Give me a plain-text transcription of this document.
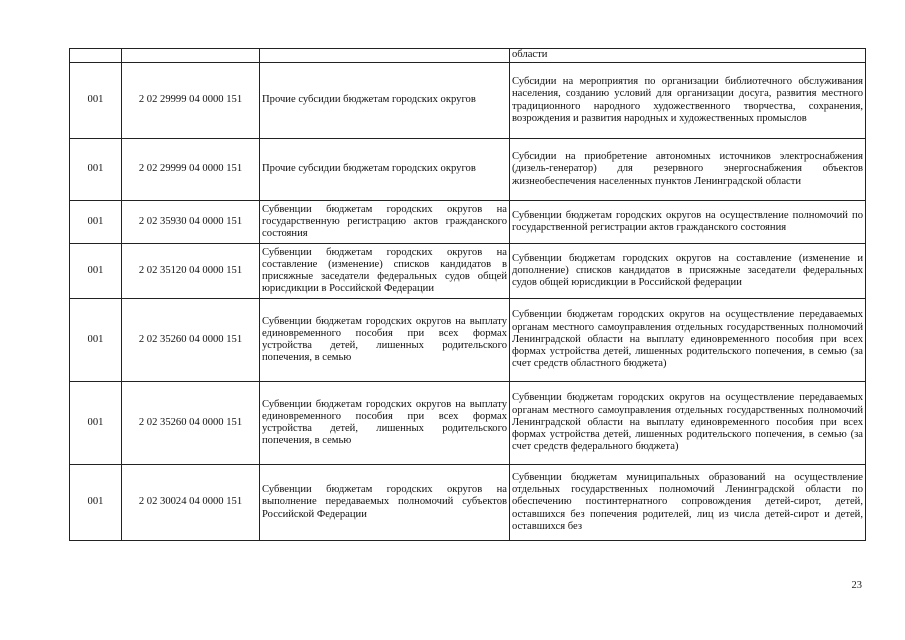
			области

001	2 02 29999 04 0000 151	Прочие субсидии бюджетам городских округов	Субсидии на мероприятия по организации библиотечного обслуживания населения, созданию условий для организации досуга, развития местного традиционного народного художественного творчества, сохранения, возрождения и развития народных и художественных промыслов

001	2 02 29999 04 0000 151	Прочие субсидии бюджетам городских округов	Субсидии на приобретение автономных источников электроснабжения (дизель-генератор) для резервного энергоснабжения объектов жизнеобеспечения населенных пунктов Ленинградской области

001	2 02 35930 04 0000 151	Субвенции бюджетам городских округов на государственную регистрацию актов гражданского состояния	Субвенции бюджетам городских округов на осуществление полномочий по государственной регистрации актов гражданского состояния

001	2 02 35120 04 0000 151	Субвенции бюджетам городских округов на составление (изменение) списков кандидатов в присяжные заседатели федеральных судов общей юрисдикции в Российской Федерации	Субвенции бюджетам городских округов на составление (изменение и дополнение) списков кандидатов в присяжные заседатели федеральных судов общей юрисдикции в Российской федерации

001	2 02 35260 04 0000 151	Субвенции бюджетам городских округов на выплату единовременного пособия при всех формах устройства детей, лишенных родительского попечения, в семью	Субвенции бюджетам городских округов на осуществление передаваемых органам местного самоуправления отдельных государственных полномочий Ленинградской области на выплату единовременного пособия при всех формах устройства детей, лишенных родительского попечения, в семью (за счет средств областного бюджета)

001	2 02 35260 04 0000 151	Субвенции бюджетам городских округов на выплату единовременного пособия при всех формах устройства детей, лишенных родительского попечения, в семью	Субвенции бюджетам городских округов на осуществление передаваемых органам местного самоуправления отдельных государственных полномочий Ленинградской области на выплату единовременного пособия при всех формах устройства детей, лишенных родительского попечения, в семью (за счет средств федерального бюджета)

001	2 02 30024 04 0000 151	Субвенции бюджетам городских округов на выполнение передаваемых полномочий субъектов Российской Федерации	Субвенции бюджетам муниципальных образований на осуществление отдельных государственных полномочий Ленинградской области по обеспечению постинтернатного сопровождения детей-сирот, детей, оставшихся без попечения родителей, лиц из числа детей-сирот и детей, оставшихся без
23
